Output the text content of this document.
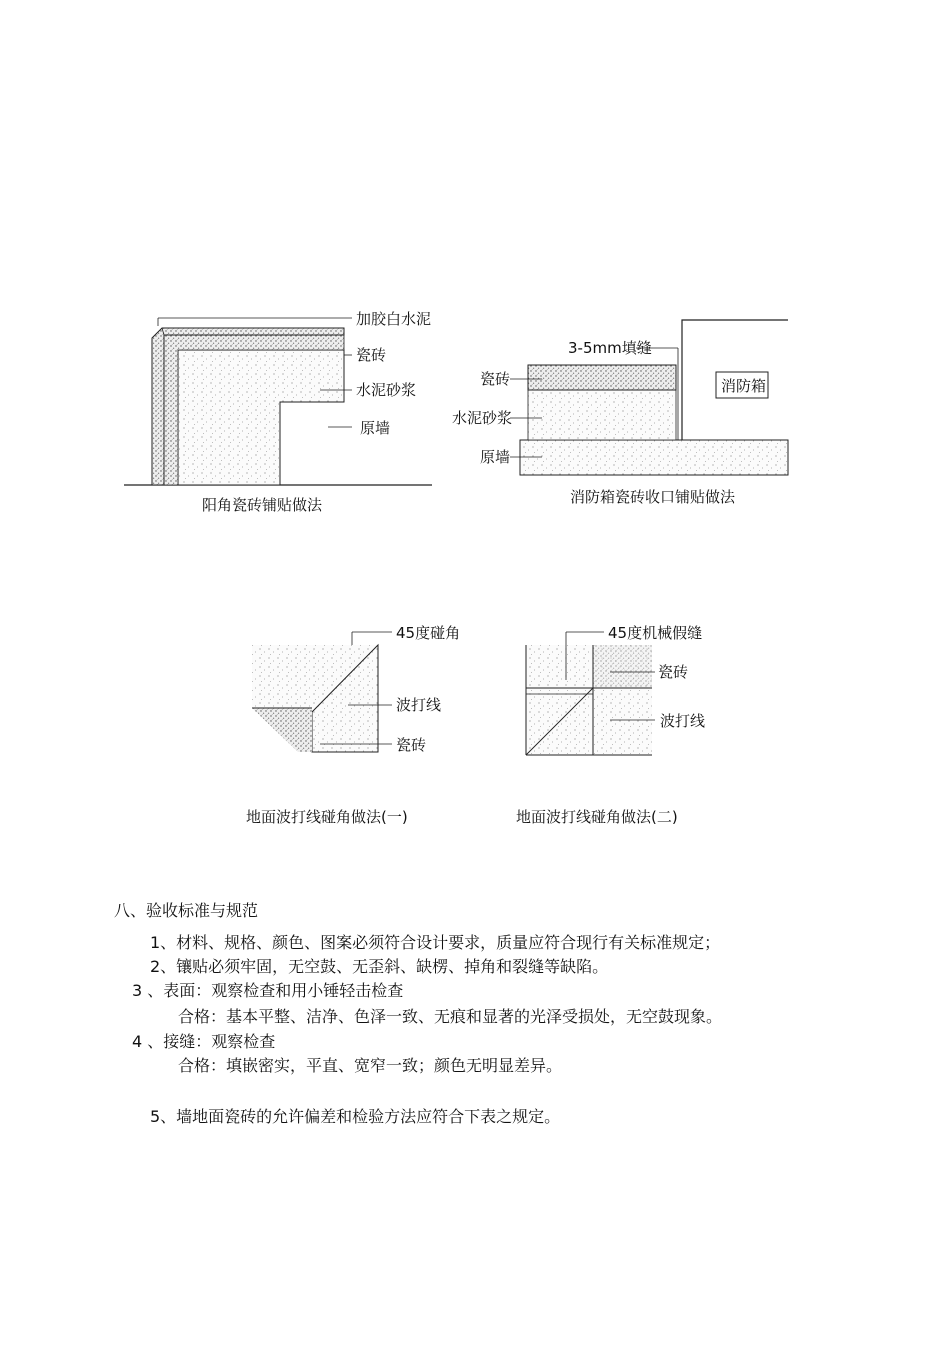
加胶白水泥
瓷砖
水泥砂浆
原墙
阳角瓷砖铺贴做法
消防箱
3-5mm填缝
瓷砖
水泥砂浆
原墙
消防箱瓷砖收口铺贴做法
45度碰角
波打线
瓷砖
地面波打线碰角做法(一)
45度机械假缝
瓷砖
波打线
地面波打线碰角做法(二)
八、验收标准与规范
1、材料、规格、颜色、图案必须符合设计要求，质量应符合现行有关标准规定；
2、镶贴必须牢固，无空鼓、无歪斜、缺楞、掉角和裂缝等缺陷。
3 、表面：观察检查和用小锤轻击检查
合格：基本平整、洁净、色泽一致、无痕和显著的光泽受损处，无空鼓现象。
4 、接缝：观察检查
合格：填嵌密实，平直、宽窄一致；颜色无明显差异。
5、墙地面瓷砖的允许偏差和检验方法应符合下表之规定。
